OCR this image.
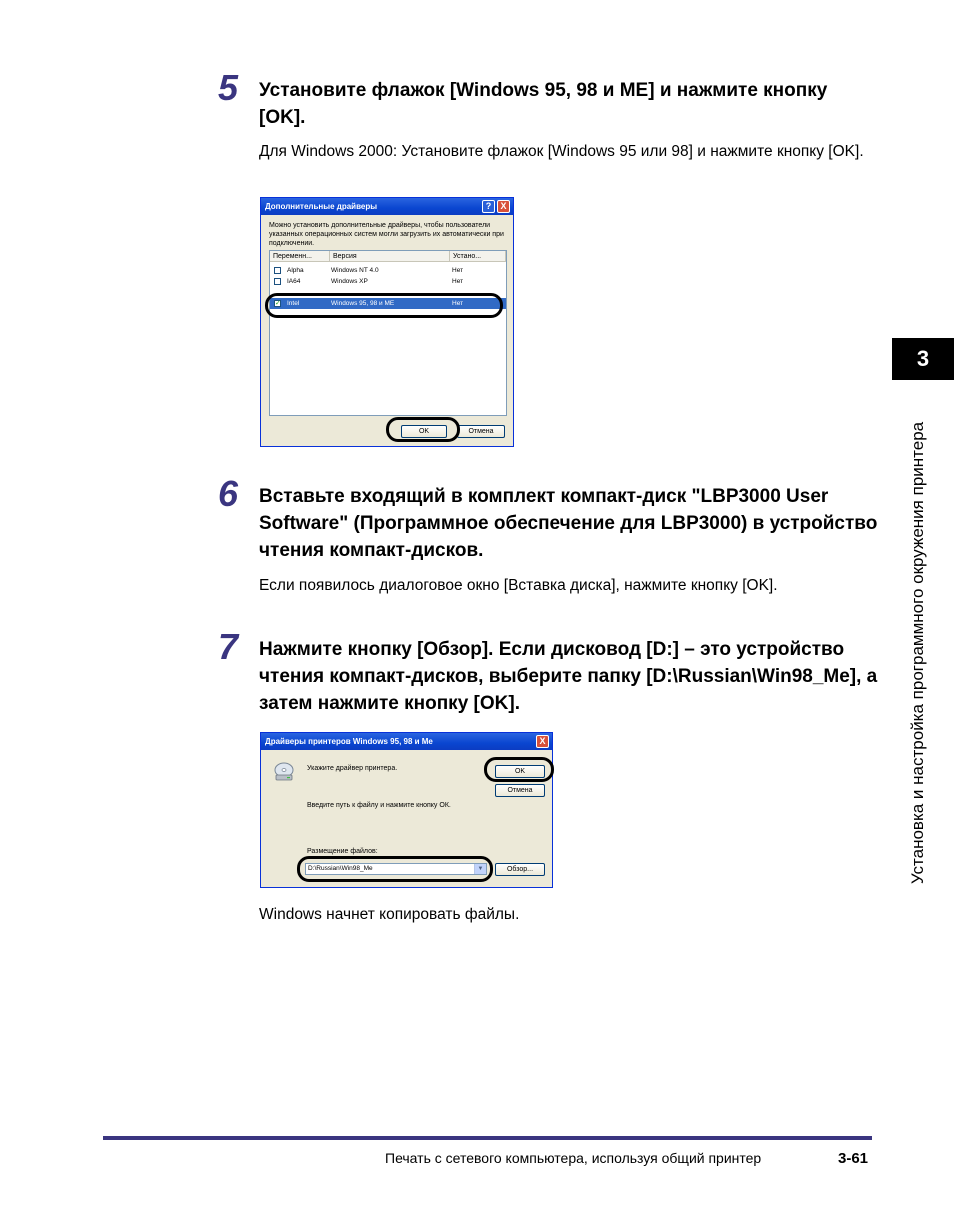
3
Установка и настройка программного окружения принтера
5 Установите флажок [Windows 95, 98 и ME] и нажмите кнопку [OK].
Для Windows 2000: Установите флажок [Windows 95 или 98] и нажмите кнопку [OK].
Дополнительные драйверы	?	X
Можно установить дополнительные драйверы, чтобы пользователи указанных операционных систем могли загрузить их автоматически при подключении.
Переменн...	Версия	Устано...
Alpha	Windows NT 4.0	Нет
IA64	Windows XP	Нет
✓ Intel	Windows 95, 98 и ME	Нет
OK	Отмена
6 Вставьте входящий в комплект компакт-диск "LBP3000 User Software" (Программное обеспечение для LBP3000) в устройство чтения компакт-дисков.
Если появилось диалоговое окно [Вставка диска], нажмите кнопку [OK].
7 Нажмите кнопку [Обзор]. Если дисковод [D:] – это устройство чтения компакт-дисков, выберите папку [D:\Russian\Win98_Me], а затем нажмите кнопку [OK].
Драйверы принтеров Windows 95, 98 и Me	X
Укажите драйвер принтера.
Введите путь к файлу и нажмите кнопку ОК.
Размещение файлов:
D:\Russian\Win98_Me	▼
OK
Отмена
Обзор...
Windows начнет копировать файлы.
Печать с сетевого компьютера, используя общий принтер	3-61
